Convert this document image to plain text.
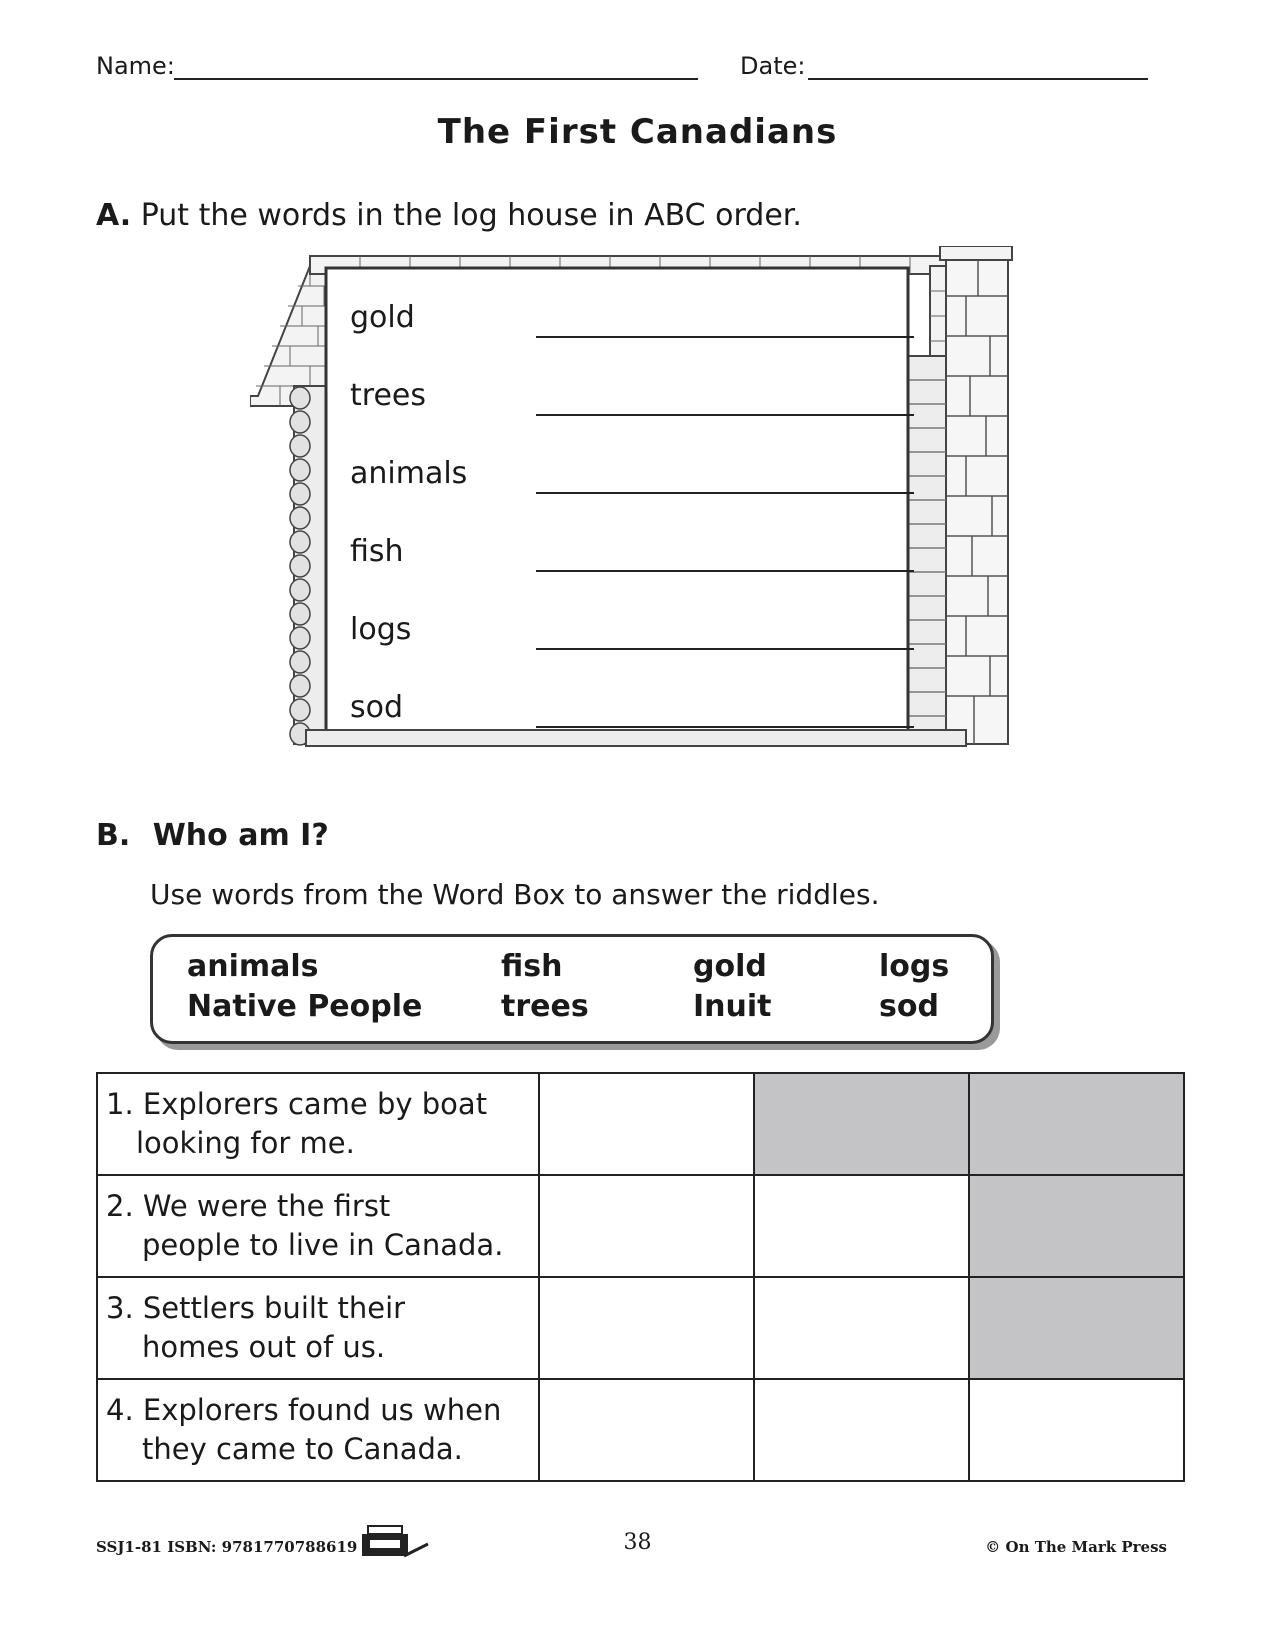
Name:	Date:
The First Canadians
A. Put the words in the log house in ABC order.
gold
trees
animals
fish
logs
sod
B. Who am I?
Use words from the Word Box to answer the riddles.
animals	fish	gold	logs
Native People	trees	Inuit	sod
1. Explorers came by boat
looking for me.			

2. We were the first
people to live in Canada.			

3. Settlers built their
homes out of us.			

4. Explorers found us when
they came to Canada.			

SSJ1-81 ISBN: 9781770788619	38	© On The Mark Press
